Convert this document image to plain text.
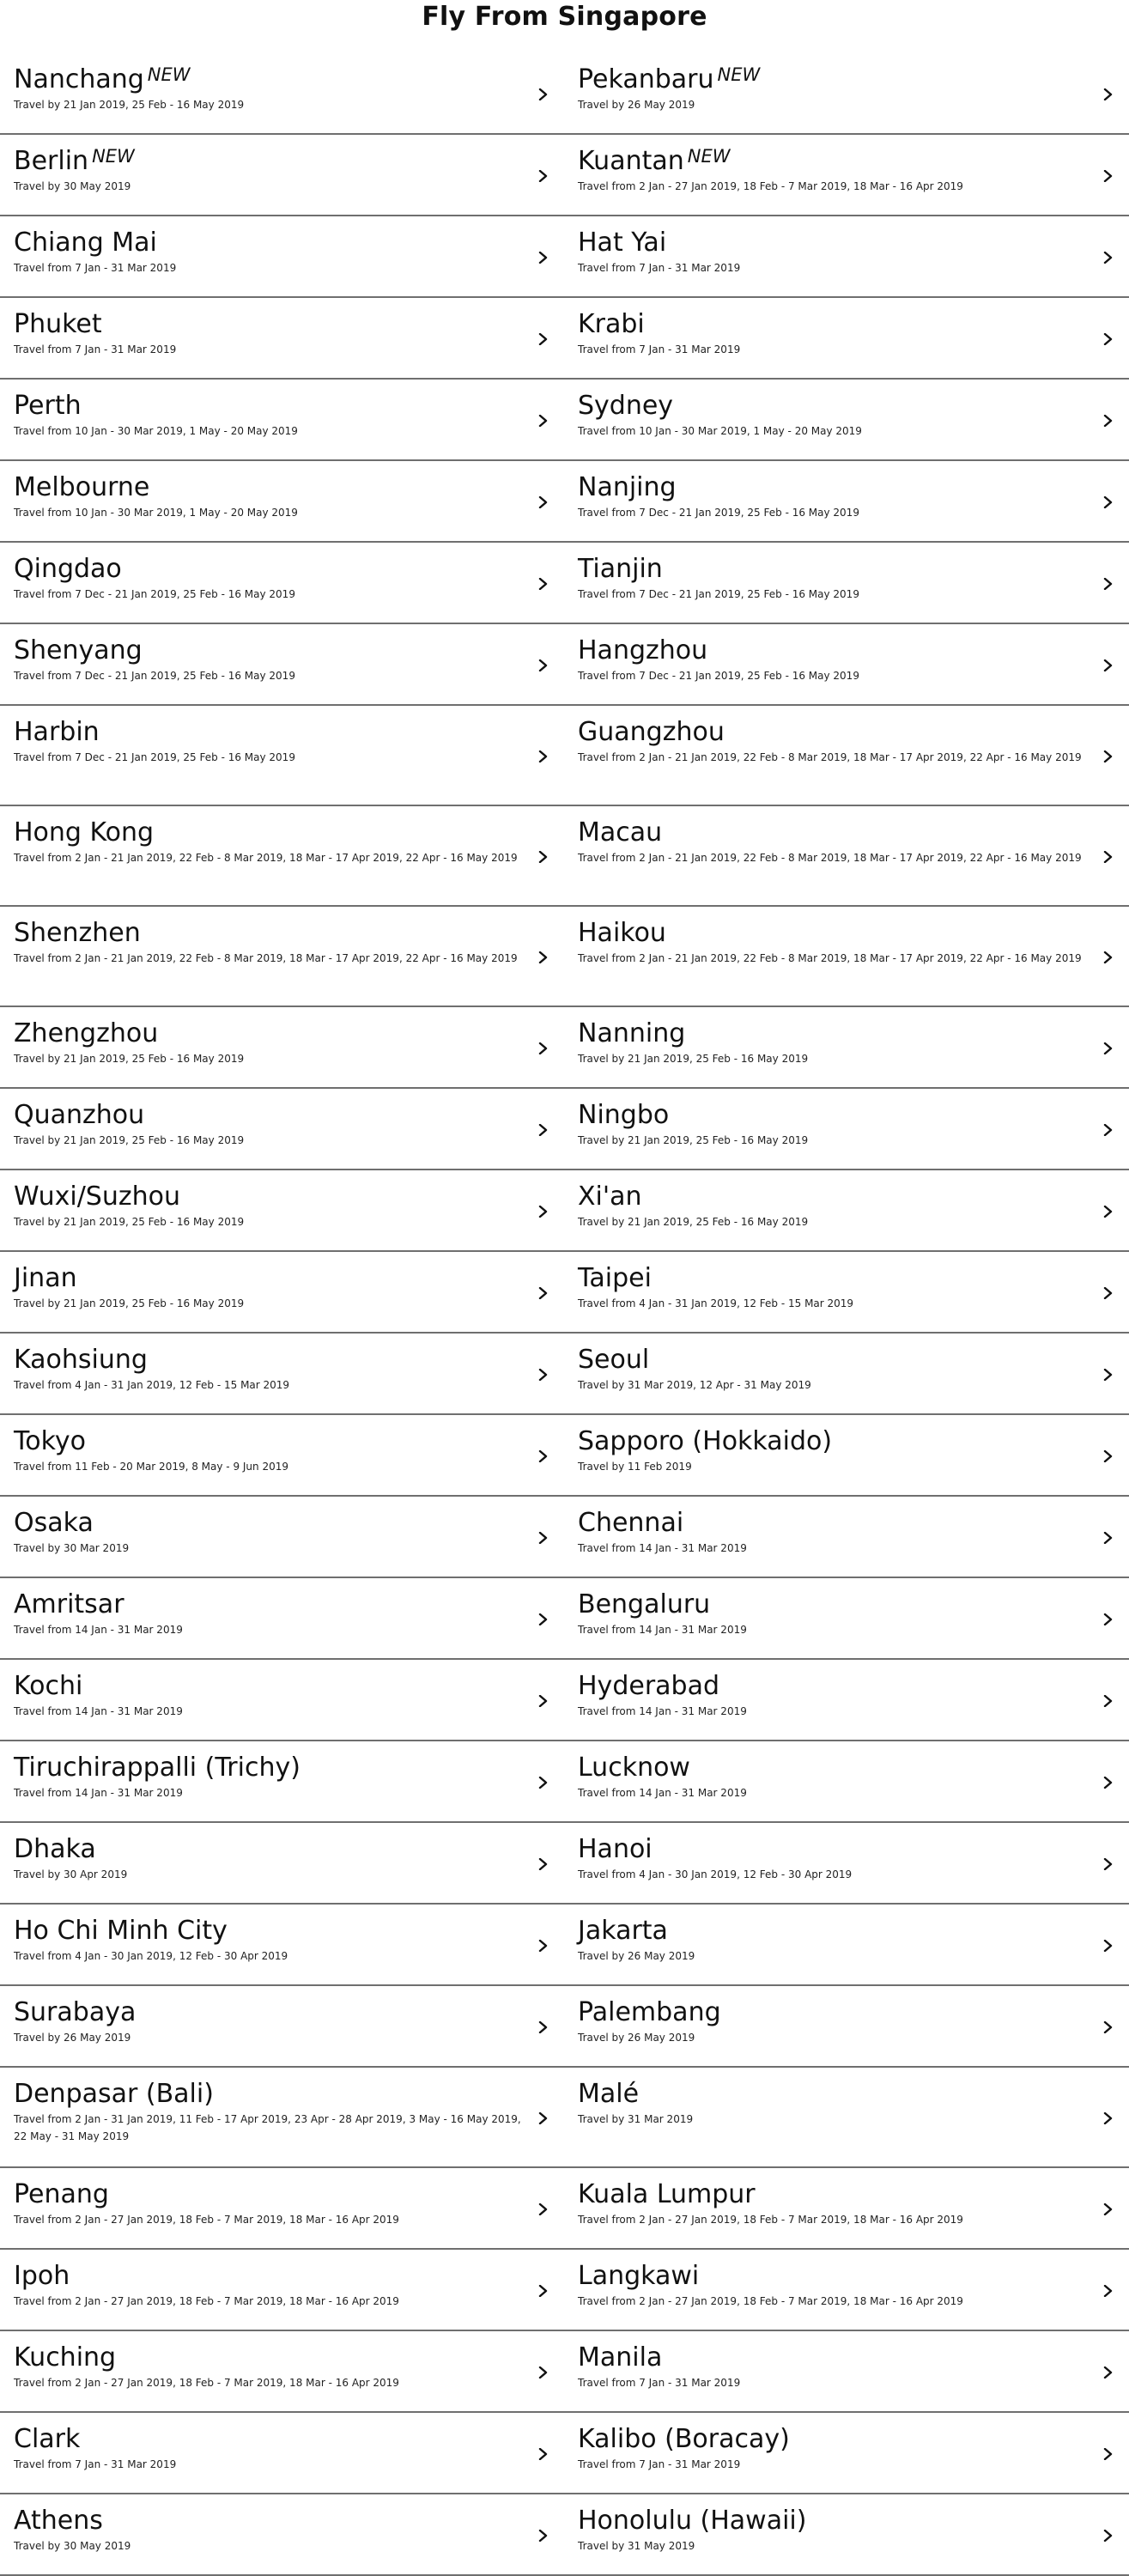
Fly From Singapore
Nanchang $^{NEW}$
Travel by 21 Jan 2019, 25 Feb - 16 May 2019
Pekanbaru $^{NEW}$
Travel by 26 May 2019
Berlin $^{NEW}$
Travel by 30 May 2019
Kuantan $^{NEW}$
Travel from 2 Jan - 27 Jan 2019, 18 Feb - 7 Mar 2019, 18 Mar - 16 Apr 2019
Chiang Mai
Travel from 7 Jan - 31 Mar 2019
Hat Yai
Travel from 7 Jan - 31 Mar 2019
Phuket
Travel from 7 Jan - 31 Mar 2019
Krabi
Travel from 7 Jan - 31 Mar 2019
Perth
Travel from 10 Jan - 30 Mar 2019, 1 May - 20 May 2019
Sydney
Travel from 10 Jan - 30 Mar 2019, 1 May - 20 May 2019
Melbourne
Travel from 10 Jan - 30 Mar 2019, 1 May - 20 May 2019
Nanjing
Travel from 7 Dec - 21 Jan 2019, 25 Feb - 16 May 2019
Qingdao
Travel from 7 Dec - 21 Jan 2019, 25 Feb - 16 May 2019
Tianjin
Travel from 7 Dec - 21 Jan 2019, 25 Feb - 16 May 2019
Shenyang
Travel from 7 Dec - 21 Jan 2019, 25 Feb - 16 May 2019
Hangzhou
Travel from 7 Dec - 21 Jan 2019, 25 Feb - 16 May 2019
Harbin
Travel from 7 Dec - 21 Jan 2019, 25 Feb - 16 May 2019
Guangzhou
Travel from 2 Jan - 21 Jan 2019, 22 Feb - 8 Mar 2019, 18 Mar - 17 Apr 2019, 22 Apr - 16 May 2019
Hong Kong
Travel from 2 Jan - 21 Jan 2019, 22 Feb - 8 Mar 2019, 18 Mar - 17 Apr 2019, 22 Apr - 16 May 2019
Macau
Travel from 2 Jan - 21 Jan 2019, 22 Feb - 8 Mar 2019, 18 Mar - 17 Apr 2019, 22 Apr - 16 May 2019
Shenzhen
Travel from 2 Jan - 21 Jan 2019, 22 Feb - 8 Mar 2019, 18 Mar - 17 Apr 2019, 22 Apr - 16 May 2019
Haikou
Travel from 2 Jan - 21 Jan 2019, 22 Feb - 8 Mar 2019, 18 Mar - 17 Apr 2019, 22 Apr - 16 May 2019
Zhengzhou
Travel by 21 Jan 2019, 25 Feb - 16 May 2019
Nanning
Travel by 21 Jan 2019, 25 Feb - 16 May 2019
Quanzhou
Travel by 21 Jan 2019, 25 Feb - 16 May 2019
Ningbo
Travel by 21 Jan 2019, 25 Feb - 16 May 2019
Wuxi/Suzhou
Travel by 21 Jan 2019, 25 Feb - 16 May 2019
Xi'an
Travel by 21 Jan 2019, 25 Feb - 16 May 2019
Jinan
Travel by 21 Jan 2019, 25 Feb - 16 May 2019
Taipei
Travel from 4 Jan - 31 Jan 2019, 12 Feb - 15 Mar 2019
Kaohsiung
Travel from 4 Jan - 31 Jan 2019, 12 Feb - 15 Mar 2019
Seoul
Travel by 31 Mar 2019, 12 Apr - 31 May 2019
Tokyo
Travel from 11 Feb - 20 Mar 2019, 8 May - 9 Jun 2019
Sapporo (Hokkaido)
Travel by 11 Feb 2019
Osaka
Travel by 30 Mar 2019
Chennai
Travel from 14 Jan - 31 Mar 2019
Amritsar
Travel from 14 Jan - 31 Mar 2019
Bengaluru
Travel from 14 Jan - 31 Mar 2019
Kochi
Travel from 14 Jan - 31 Mar 2019
Hyderabad
Travel from 14 Jan - 31 Mar 2019
Tiruchirappalli (Trichy)
Travel from 14 Jan - 31 Mar 2019
Lucknow
Travel from 14 Jan - 31 Mar 2019
Dhaka
Travel by 30 Apr 2019
Hanoi
Travel from 4 Jan - 30 Jan 2019, 12 Feb - 30 Apr 2019
Ho Chi Minh City
Travel from 4 Jan - 30 Jan 2019, 12 Feb - 30 Apr 2019
Jakarta
Travel by 26 May 2019
Surabaya
Travel by 26 May 2019
Palembang
Travel by 26 May 2019
Denpasar (Bali)
Travel from 2 Jan - 31 Jan 2019, 11 Feb - 17 Apr 2019, 23 Apr - 28 Apr 2019, 3 May - 16 May 2019, 22 May - 31 May 2019
Malé
Travel by 31 Mar 2019
Penang
Travel from 2 Jan - 27 Jan 2019, 18 Feb - 7 Mar 2019, 18 Mar - 16 Apr 2019
Kuala Lumpur
Travel from 2 Jan - 27 Jan 2019, 18 Feb - 7 Mar 2019, 18 Mar - 16 Apr 2019
Ipoh
Travel from 2 Jan - 27 Jan 2019, 18 Feb - 7 Mar 2019, 18 Mar - 16 Apr 2019
Langkawi
Travel from 2 Jan - 27 Jan 2019, 18 Feb - 7 Mar 2019, 18 Mar - 16 Apr 2019
Kuching
Travel from 2 Jan - 27 Jan 2019, 18 Feb - 7 Mar 2019, 18 Mar - 16 Apr 2019
Manila
Travel from 7 Jan - 31 Mar 2019
Clark
Travel from 7 Jan - 31 Mar 2019
Kalibo (Boracay)
Travel from 7 Jan - 31 Mar 2019
Athens
Travel by 30 May 2019
Honolulu (Hawaii)
Travel by 31 May 2019
